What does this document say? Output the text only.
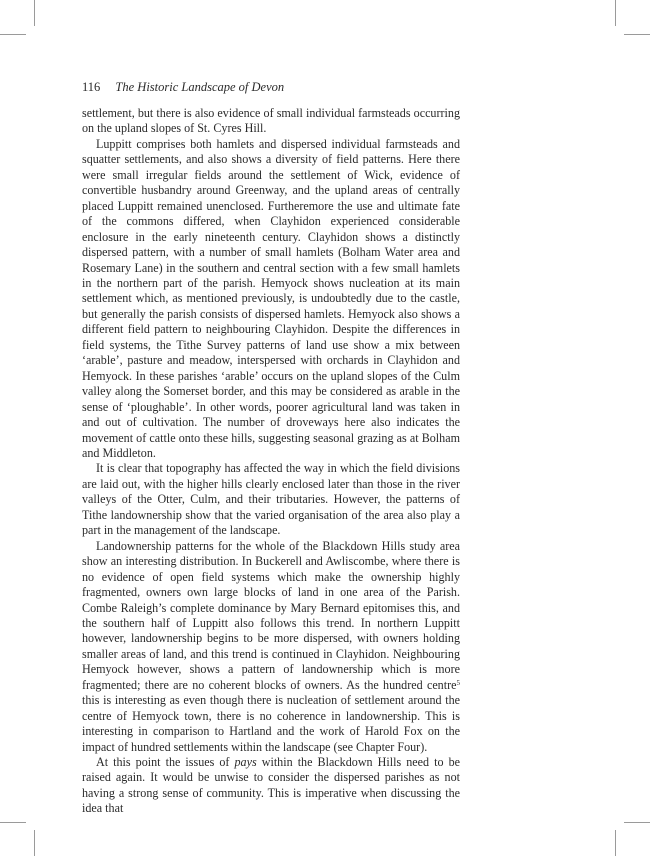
116 The Historic Landscape of Devon

settlement, but there is also evidence of small individual farmsteads occurring on the upland slopes of St. Cyres Hill.

Luppitt comprises both hamlets and dispersed individual farmsteads and squatter settlements, and also shows a diversity of field patterns. Here there were small irregular fields around the settlement of Wick, evidence of convertible husbandry around Greenway, and the upland areas of centrally placed Luppitt remained unenclosed. Furtheremore the use and ultimate fate of the commons differed, when Clayhidon experienced considerable enclosure in the early nineteenth century. Clayhidon shows a distinctly dispersed pattern, with a number of small hamlets (Bolham Water area and Rosemary Lane) in the southern and central section with a few small hamlets in the northern part of the parish. Hemyock shows nucleation at its main settlement which, as mentioned previously, is undoubtedly due to the castle, but generally the parish consists of dispersed hamlets. Hemyock also shows a different field pattern to neighbouring Clayhidon. Despite the differences in field systems, the Tithe Survey patterns of land use show a mix between ‘arable’, pasture and meadow, interspersed with orchards in Clayhidon and Hemyock. In these parishes ‘arable’ occurs on the upland slopes of the Culm valley along the Somerset border, and this may be considered as arable in the sense of ‘ploughable’. In other words, poorer agricultural land was taken in and out of cultivation. The number of droveways here also indicates the movement of cattle onto these hills, suggesting seasonal grazing as at Bolham and Middleton.

It is clear that topography has affected the way in which the field divisions are laid out, with the higher hills clearly enclosed later than those in the river valleys of the Otter, Culm, and their tributaries. However, the patterns of Tithe landownership show that the varied organisation of the area also play a part in the management of the landscape.

Landownership patterns for the whole of the Blackdown Hills study area show an interesting distribution. In Buckerell and Awliscombe, where there is no evidence of open field systems which make the ownership highly fragmented, owners own large blocks of land in one area of the Parish. Combe Raleigh’s complete dominance by Mary Bernard epitomises this, and the southern half of Luppitt also follows this trend. In northern Luppitt however, landownership begins to be more dispersed, with owners holding smaller areas of land, and this trend is continued in Clayhidon. Neighbouring Hemyock however, shows a pattern of landownership which is more fragmented; there are no coherent blocks of owners. As the hundred centre$^5$ this is interesting as even though there is nucleation of settlement around the centre of Hemyock town, there is no coherence in landownership. This is interesting in comparison to Hartland and the work of Harold Fox on the impact of hundred settlements within the landscape (see Chapter Four).

At this point the issues of pays within the Blackdown Hills need to be raised again. It would be unwise to consider the dispersed parishes as not having a strong sense of community. This is imperative when discussing the idea that
